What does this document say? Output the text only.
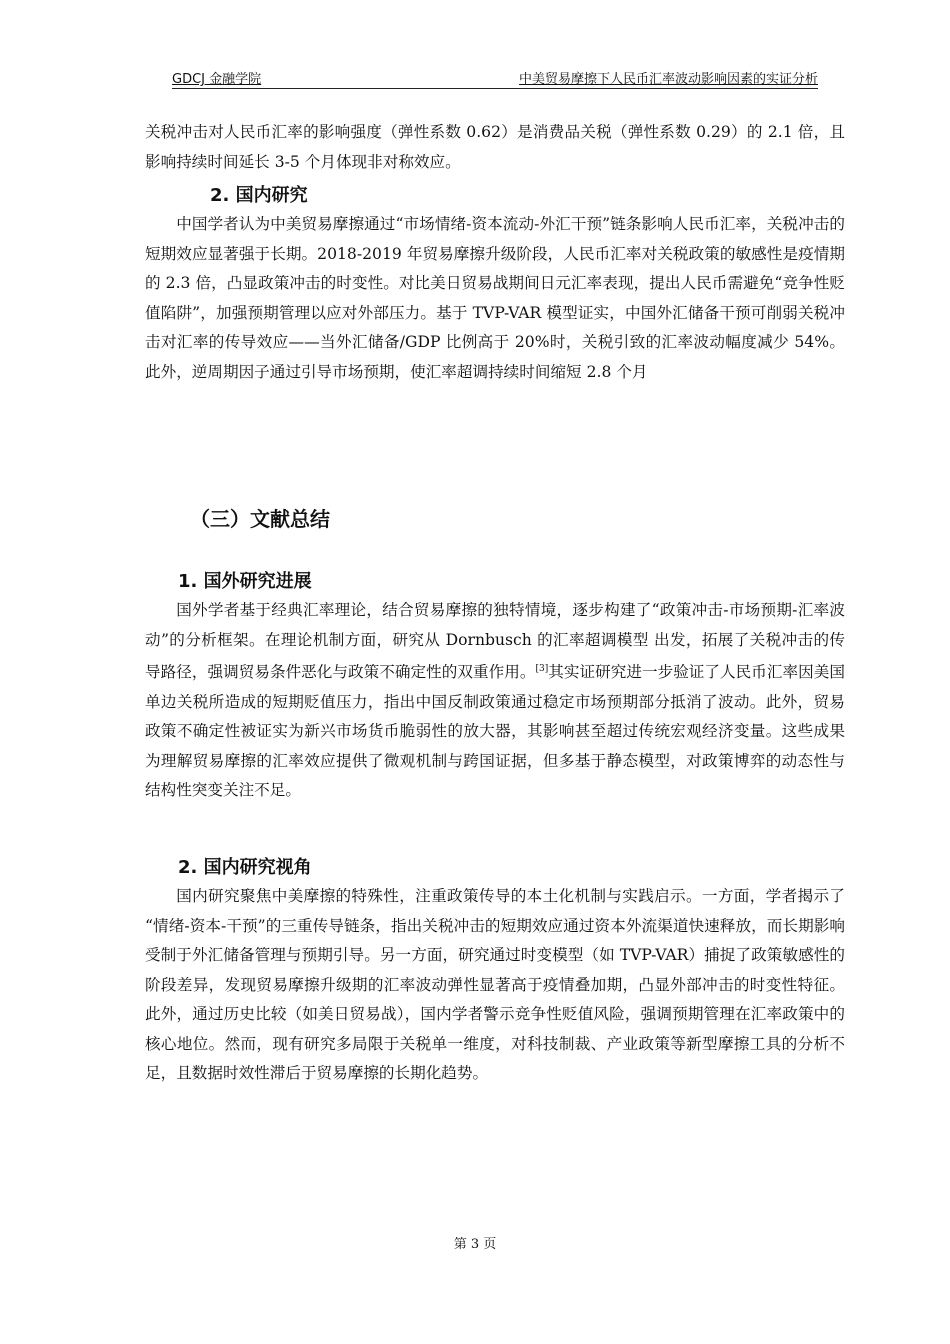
GDCJ 金融学院	中美贸易摩擦下人民币汇率波动影响因素的实证分析

关税冲击对人民币汇率的影响强度（弹性系数 0.62）是消费品关税（弹性系数 0.29）的 2.1 倍，且影响持续时间延长 3-5 个月体现非对称效应。

2. 国内研究

中国学者认为中美贸易摩擦通过“市场情绪-资本流动-外汇干预”链条影响人民币汇率，关税冲击的短期效应显著强于长期。2018-2019 年贸易摩擦升级阶段，人民币汇率对关税政策的敏感性是疫情期的 2.3 倍，凸显政策冲击的时变性。对比美日贸易战期间日元汇率表现，提出人民币需避免“竞争性贬值陷阱”，加强预期管理以应对外部压力。基于 TVP-VAR 模型证实，中国外汇储备干预可削弱关税冲击对汇率的传导效应——当外汇储备/GDP 比例高于 20%时，关税引致的汇率波动幅度减少 54%。此外，逆周期因子通过引导市场预期，使汇率超调持续时间缩短 2.8 个月

（三）文献总结
1. 国外研究进展

国外学者基于经典汇率理论，结合贸易摩擦的独特情境，逐步构建了“政策冲击-市场预期-汇率波动”的分析框架。在理论机制方面，研究从 Dornbusch 的汇率超调模型 出发，拓展了关税冲击的传导路径，强调贸易条件恶化与政策不确定性的双重作用。[3]其实证研究进一步验证了人民币汇率因美国单边关税所造成的短期贬值压力，指出中国反制政策通过稳定市场预期部分抵消了波动。此外，贸易政策不确定性被证实为新兴市场货币脆弱性的放大器，其影响甚至超过传统宏观经济变量。这些成果为理解贸易摩擦的汇率效应提供了微观机制与跨国证据，但多基于静态模型，对政策博弈的动态性与结构性突变关注不足。

2. 国内研究视角

国内研究聚焦中美摩擦的特殊性，注重政策传导的本土化机制与实践启示。一方面，学者揭示了 “情绪-资本-干预”的三重传导链条，指出关税冲击的短期效应通过资本外流渠道快速释放，而长期影响受制于外汇储备管理与预期引导。另一方面，研究通过时变模型（如 TVP-VAR）捕捉了政策敏感性的阶段差异，发现贸易摩擦升级期的汇率波动弹性显著高于疫情叠加期，凸显外部冲击的时变性特征。此外，通过历史比较（如美日贸易战），国内学者警示竞争性贬值风险，强调预期管理在汇率政策中的核心地位。然而，现有研究多局限于关税单一维度，对科技制裁、产业政策等新型摩擦工具的分析不足，且数据时效性滞后于贸易摩擦的长期化趋势。

第 3 页
